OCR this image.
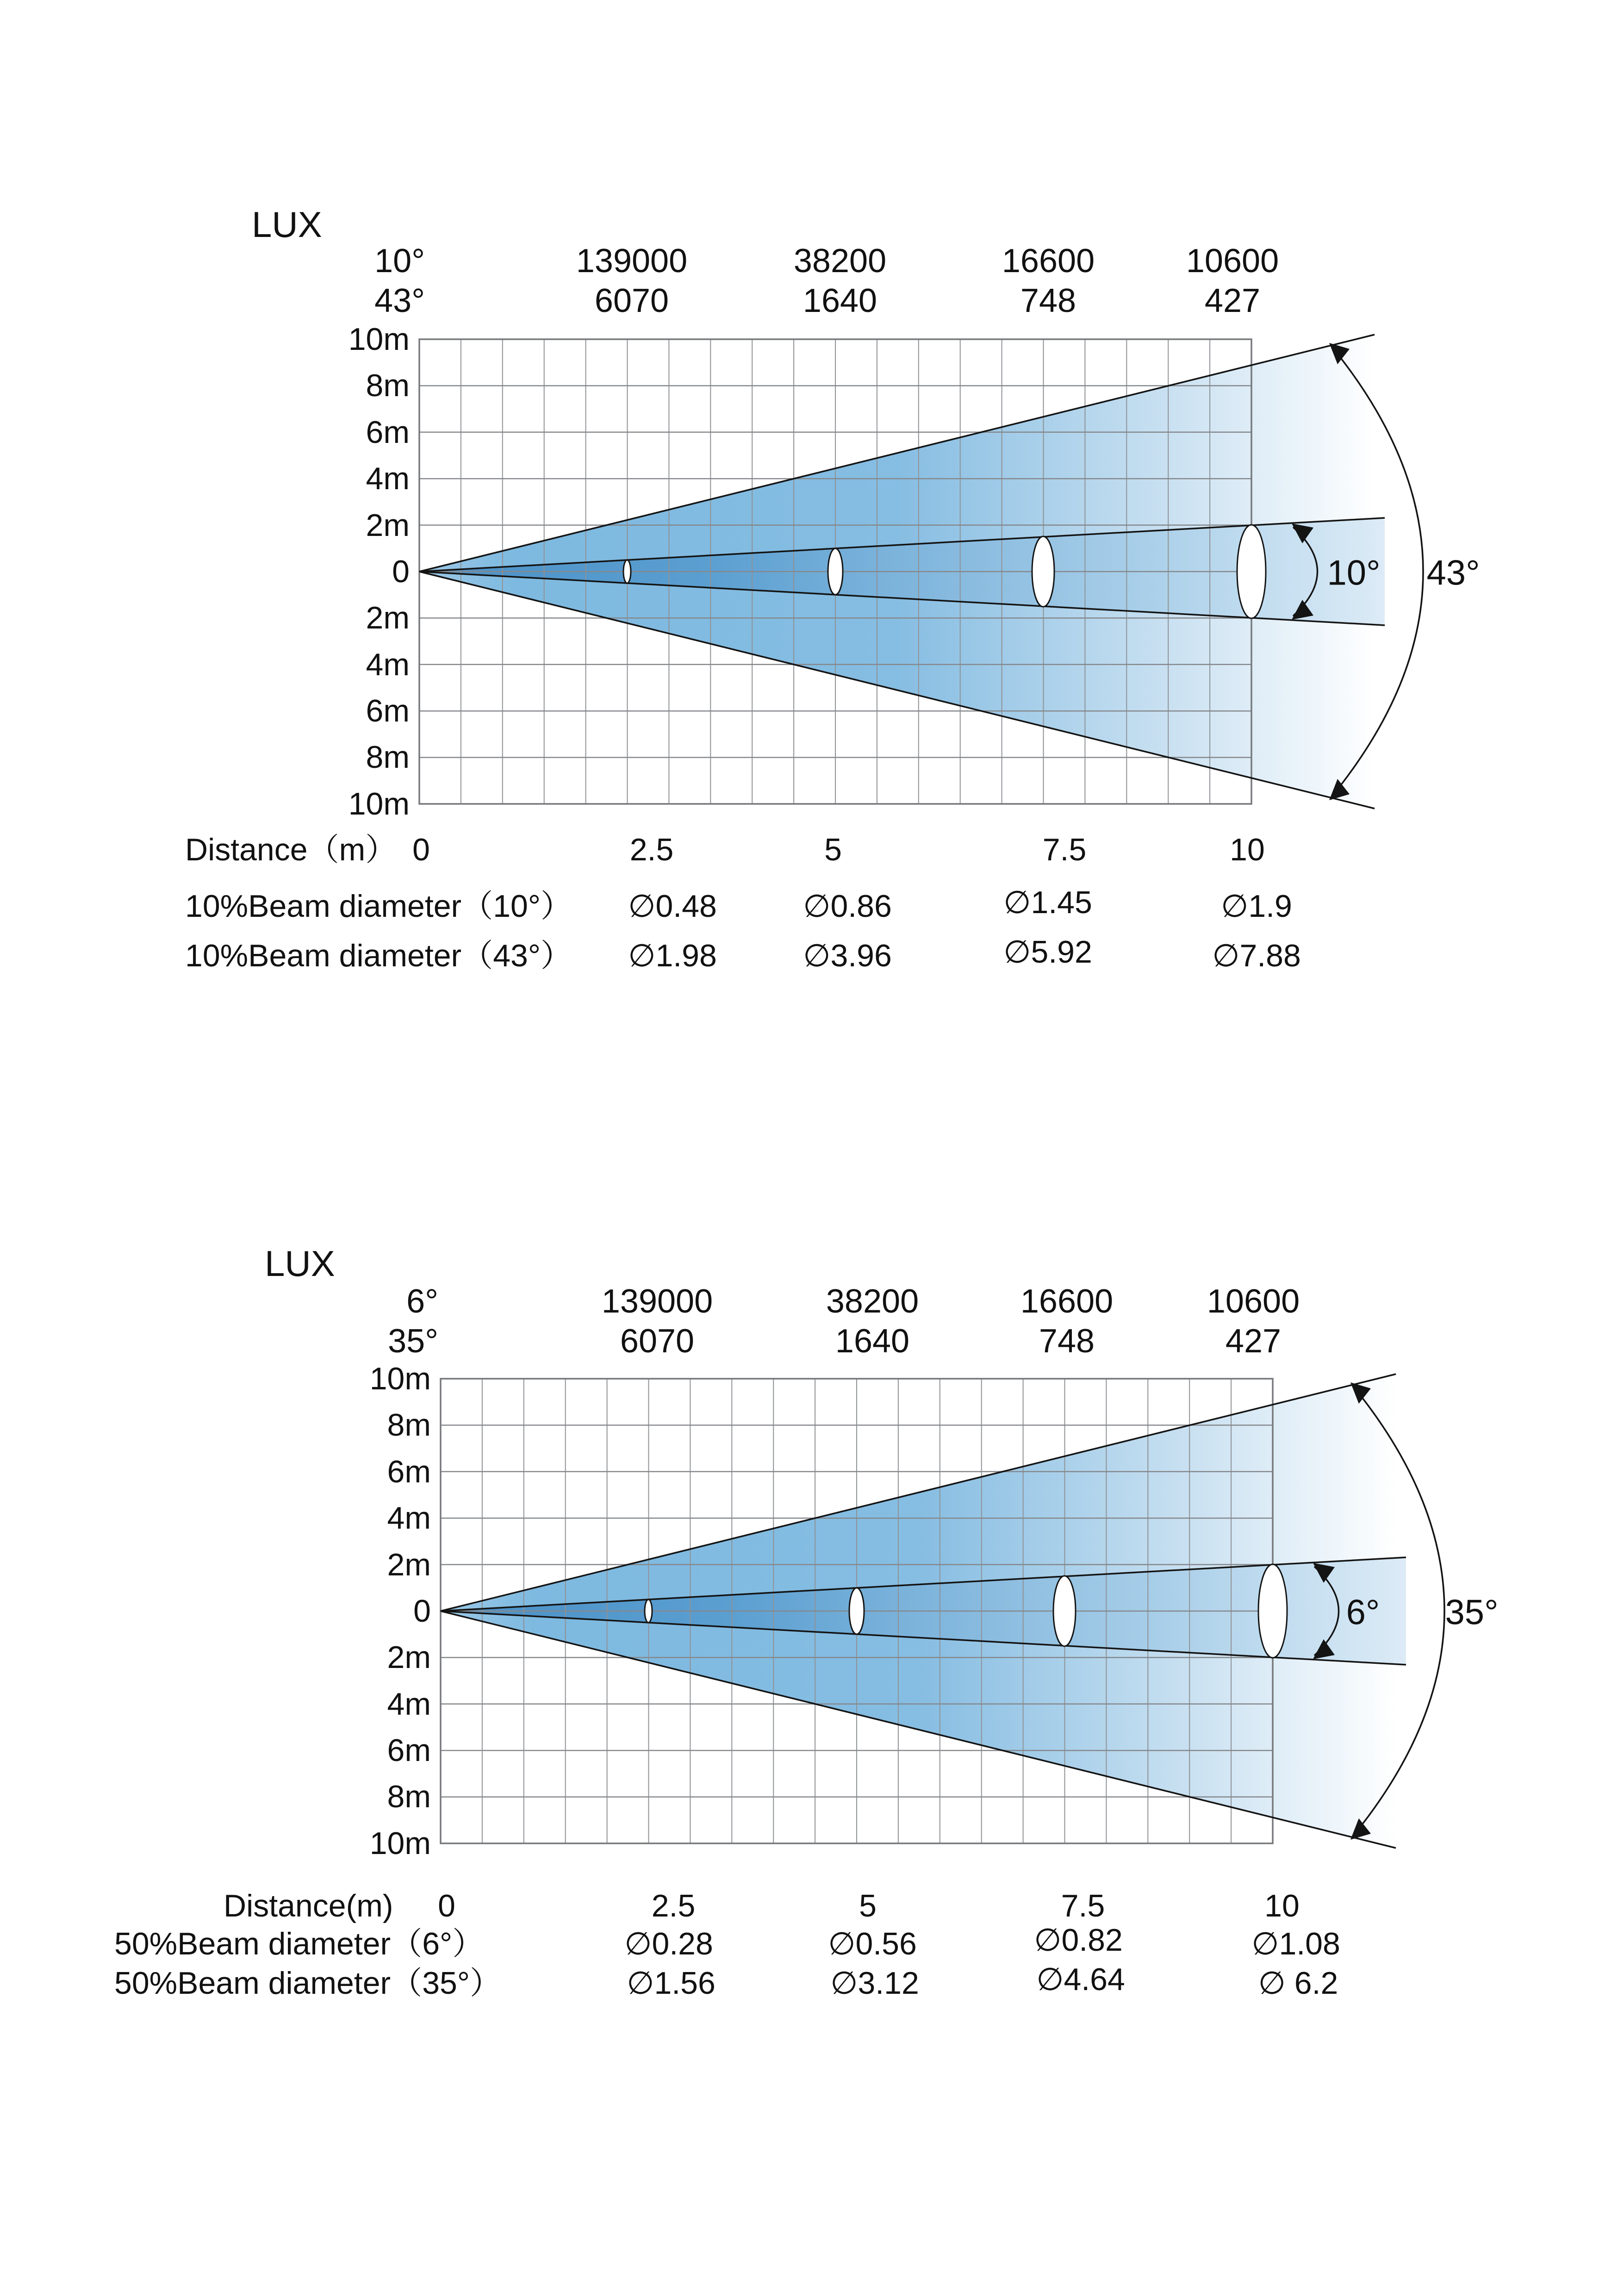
LUX
10°	139000	38200	16600	10600
43°	6070	1640	748	427
10m
8m
6m
4m
2m
0
2m
4m
6m
8m
10m
10° 43°
Distance（m） 0	2.5	5	7.5	10
10%Beam diameter（10°） ∅0.48	∅0.86	∅1.45	∅1.9
10%Beam diameter（43°） ∅1.98	∅3.96	∅5.92	∅7.88
LUX
6°	139000	38200	16600	10600
35°	6070	1640	748	427
10m
8m
6m
4m
2m
0
2m
4m
6m
8m
10m
6° 35°
Distance(m) 0	2.5	5	7.5	10
50%Beam diameter（6°）	∅0.28	∅0.56	∅0.82	∅1.08
50%Beam diameter（35°）	∅1.56	∅3.12	∅4.64	∅ 6.2
